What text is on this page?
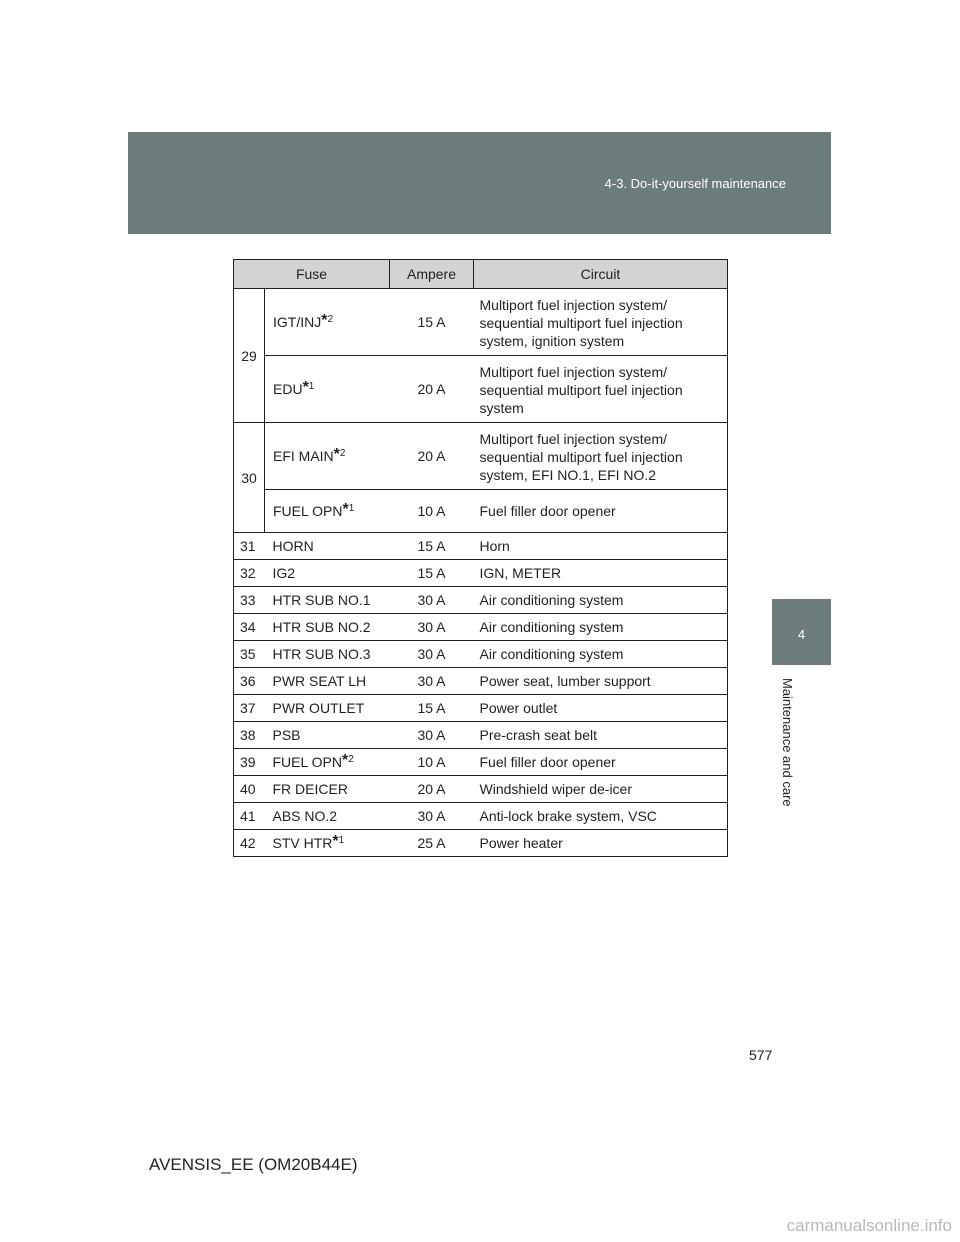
4-3. Do-it-yourself maintenance
4
Maintenance and care
Fuse		Ampere	Circuit
29	IGT/INJ$^{*2}$	15 A	Multiport fuel injection system/ sequential multiport fuel injection system, ignition system
	EDU$^{*1}$	20 A	Multiport fuel injection system/ sequential multiport fuel injection system
30	EFI MAIN$^{*2}$	20 A	Multiport fuel injection system/ sequential multiport fuel injection system, EFI NO.1, EFI NO.2
	FUEL OPN$^{*1}$	10 A	Fuel filler door opener
31	HORN	15 A	Horn
32	IG2	15 A	IGN, METER
33	HTR SUB NO.1	30 A	Air conditioning system
34	HTR SUB NO.2	30 A	Air conditioning system
35	HTR SUB NO.3	30 A	Air conditioning system
36	PWR SEAT LH	30 A	Power seat, lumber support
37	PWR OUTLET	15 A	Power outlet
38	PSB	30 A	Pre-crash seat belt
39	FUEL OPN$^{*2}$	10 A	Fuel filler door opener
40	FR DEICER	20 A	Windshield wiper de-icer
41	ABS NO.2	30 A	Anti-lock brake system, VSC
42	STV HTR$^{*1}$	25 A	Power heater
577
AVENSIS_EE (OM20B44E)
carmanualsonline.info
